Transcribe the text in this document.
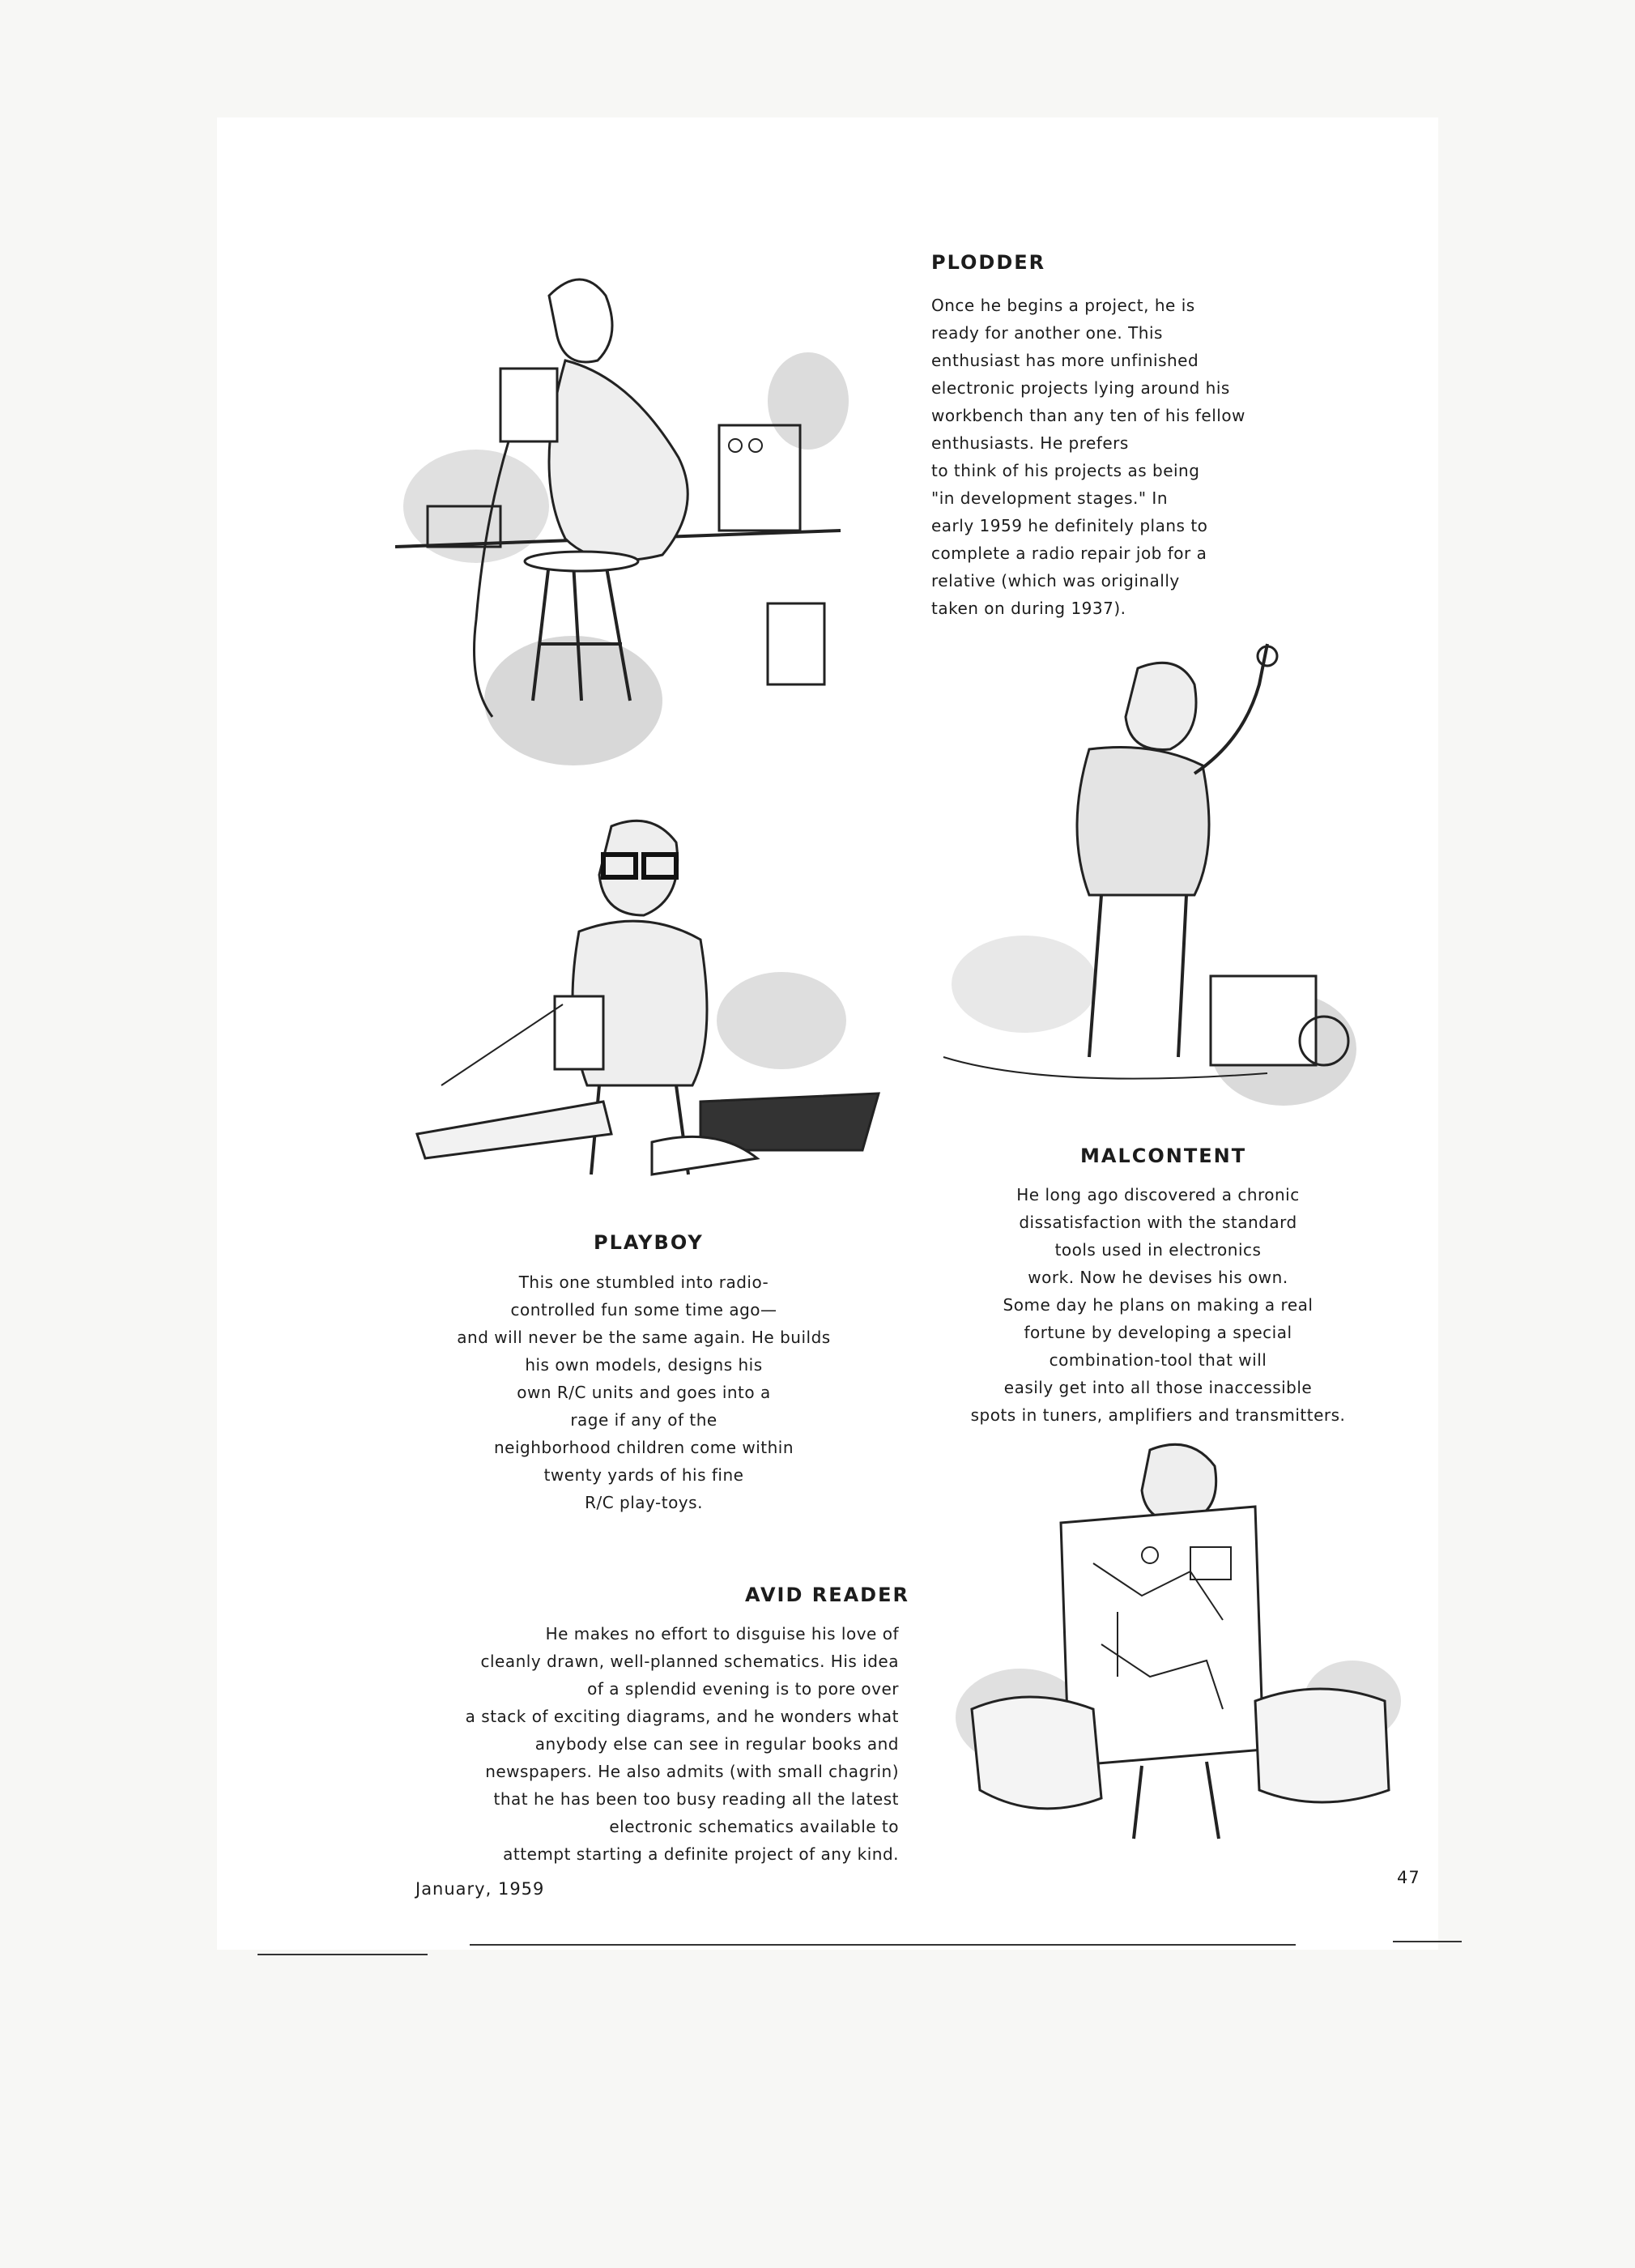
PLODDER
Once he begins a project, he is
ready for another one. This
enthusiast has more unfinished
electronic projects lying around his
workbench than any ten of his fellow
enthusiasts. He prefers
to think of his projects as being
"in development stages." In
early 1959 he definitely plans to
complete a radio repair job for a
relative (which was originally
taken on during 1937).
MALCONTENT
He long ago discovered a chronic
dissatisfaction with the standard
tools used in electronics
work. Now he devises his own.
Some day he plans on making a real
fortune by developing a special
combination-tool that will
easily get into all those inaccessible
spots in tuners, amplifiers and transmitters.
PLAYBOY
This one stumbled into radio-
controlled fun some time ago—
and will never be the same again. He builds
his own models, designs his
own R/C units and goes into a
rage if any of the
neighborhood children come within
twenty yards of his fine
R/C play-toys.
AVID READER
He makes no effort to disguise his love of
cleanly drawn, well-planned schematics. His idea
of a splendid evening is to pore over
a stack of exciting diagrams, and he wonders what
anybody else can see in regular books and
newspapers. He also admits (with small chagrin)
that he has been too busy reading all the latest
electronic schematics available to
attempt starting a definite project of any kind.
January, 1959
47
